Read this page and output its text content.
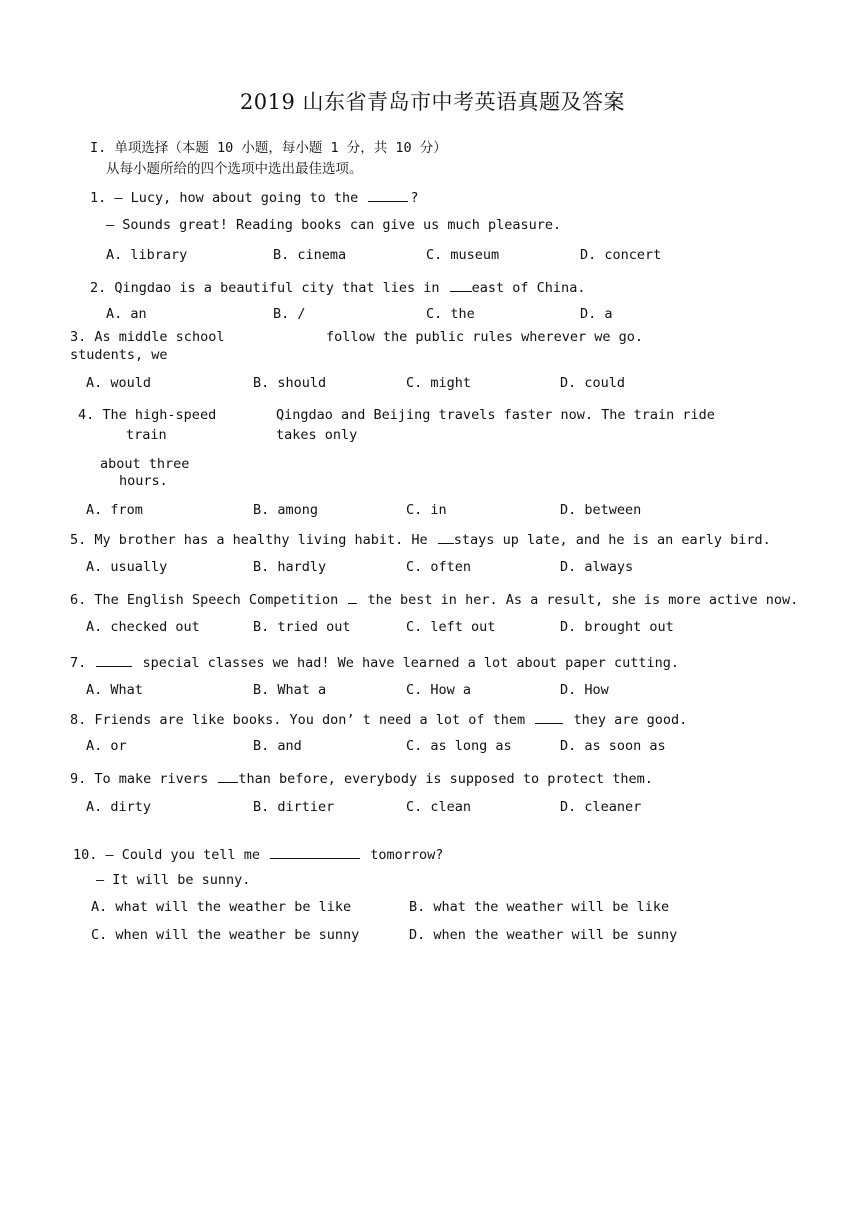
2019 山东省青岛市中考英语真题及答案
I. 单项选择（本题 10 小题，每小题 1 分，共 10 分）
从每小题所给的四个选项中选出最佳选项。
1. — Lucy, how about going to the	?
— Sounds great! Reading books can give us much pleasure.
A. library	B. cinema	C. museum	D. concert
2. Qingdao is a beautiful city that lies in east of China.
A. an	B. /	C. the	D. a
3. As middle school
students, we
follow the public rules wherever we go.
A. would	B. should	C. might	D. could
4. The high-speed
train
Qingdao and Beijing travels faster now. The train ride
takes only
about three
hours.
A. from	B. among	C. in	D. between
5. My brother has a healthy living habit. He stays up late, and he is an early bird.
A. usually	B. hardly	C. often	D. always
6. The English Speech Competition the best in her. As a result, she is more active now.
A. checked out	B. tried out	C. left out	D. brought out
7.	special classes we had! We have learned a lot about paper cutting.
A. What	B. What a	C. How a	D. How
8. Friends are like books. You don’ t need a lot of them	they are good.
A. or	B. and	C. as long as	D. as soon as
9. To make rivers than before, everybody is supposed to protect them.
A. dirty	B. dirtier	C. clean	D. cleaner
10. — Could you tell me	tomorrow?
— It will be sunny.
A. what will the weather be like	B. what the weather will be like
C. when will the weather be sunny	D. when the weather will be sunny
